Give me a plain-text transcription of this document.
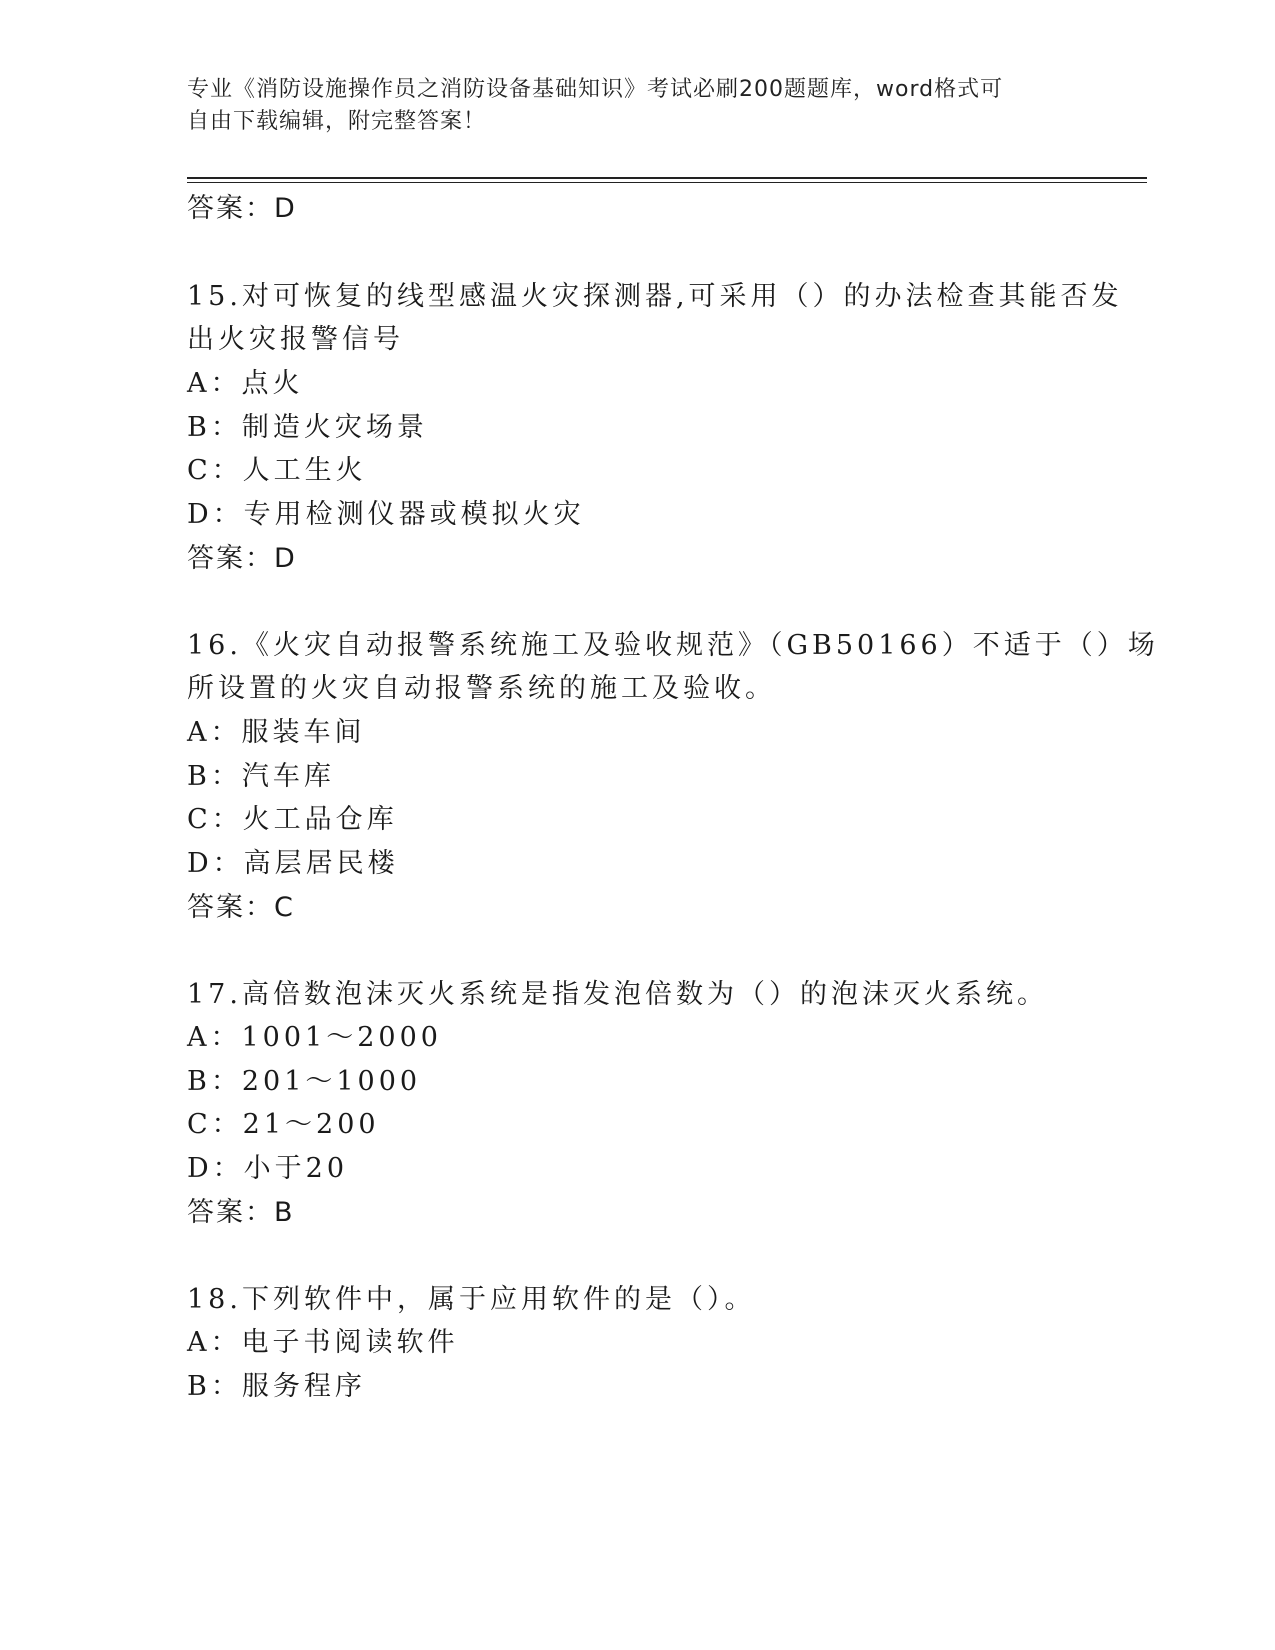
专业《消防设施操作员之消防设备基础知识》考试必刷200题题库，word格式可
自由下载编辑，附完整答案！
答案：D
15.对可恢复的线型感温火灾探测器,可采用（）的办法检查其能否发
出火灾报警信号
A：点火
B：制造火灾场景
C：人工生火
D：专用检测仪器或模拟火灾
答案：D
16.《火灾自动报警系统施工及验收规范》（GB50166）不适于（）场
所设置的火灾自动报警系统的施工及验收。
A：服装车间
B：汽车库
C：火工品仓库
D：高层居民楼
答案：C
17.高倍数泡沫灭火系统是指发泡倍数为（）的泡沫灭火系统。
A：1001～2000
B：201～1000
C：21～200
D：小于20
答案：B
18.下列软件中，属于应用软件的是（）。
A：电子书阅读软件
B：服务程序
